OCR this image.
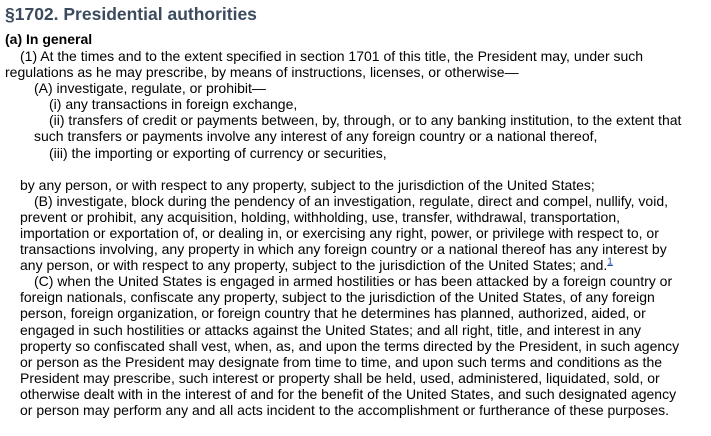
§1702. Presidential authorities
(a) In general

(1) At the times and to the extent specified in section 1701 of this title, the President may, under such

regulations as he may prescribe, by means of instructions, licenses, or otherwise—

(A) investigate, regulate, or prohibit—

(i) any transactions in foreign exchange,

(ii) transfers of credit or payments between, by, through, or to any banking institution, to the extent that

such transfers or payments involve any interest of any foreign country or a national thereof,

(iii) the importing or exporting of currency or securities,

by any person, or with respect to any property, subject to the jurisdiction of the United States;

(B) investigate, block during the pendency of an investigation, regulate, direct and compel, nullify, void,

prevent or prohibit, any acquisition, holding, withholding, use, transfer, withdrawal, transportation,

importation or exportation of, or dealing in, or exercising any right, power, or privilege with respect to, or

transactions involving, any property in which any foreign country or a national thereof has any interest by

any person, or with respect to any property, subject to the jurisdiction of the United States; and.$^1$

(C) when the United States is engaged in armed hostilities or has been attacked by a foreign country or

foreign nationals, confiscate any property, subject to the jurisdiction of the United States, of any foreign

person, foreign organization, or foreign country that he determines has planned, authorized, aided, or

engaged in such hostilities or attacks against the United States; and all right, title, and interest in any

property so confiscated shall vest, when, as, and upon the terms directed by the President, in such agency

or person as the President may designate from time to time, and upon such terms and conditions as the

President may prescribe, such interest or property shall be held, used, administered, liquidated, sold, or

otherwise dealt with in the interest of and for the benefit of the United States, and such designated agency

or person may perform any and all acts incident to the accomplishment or furtherance of these purposes.
